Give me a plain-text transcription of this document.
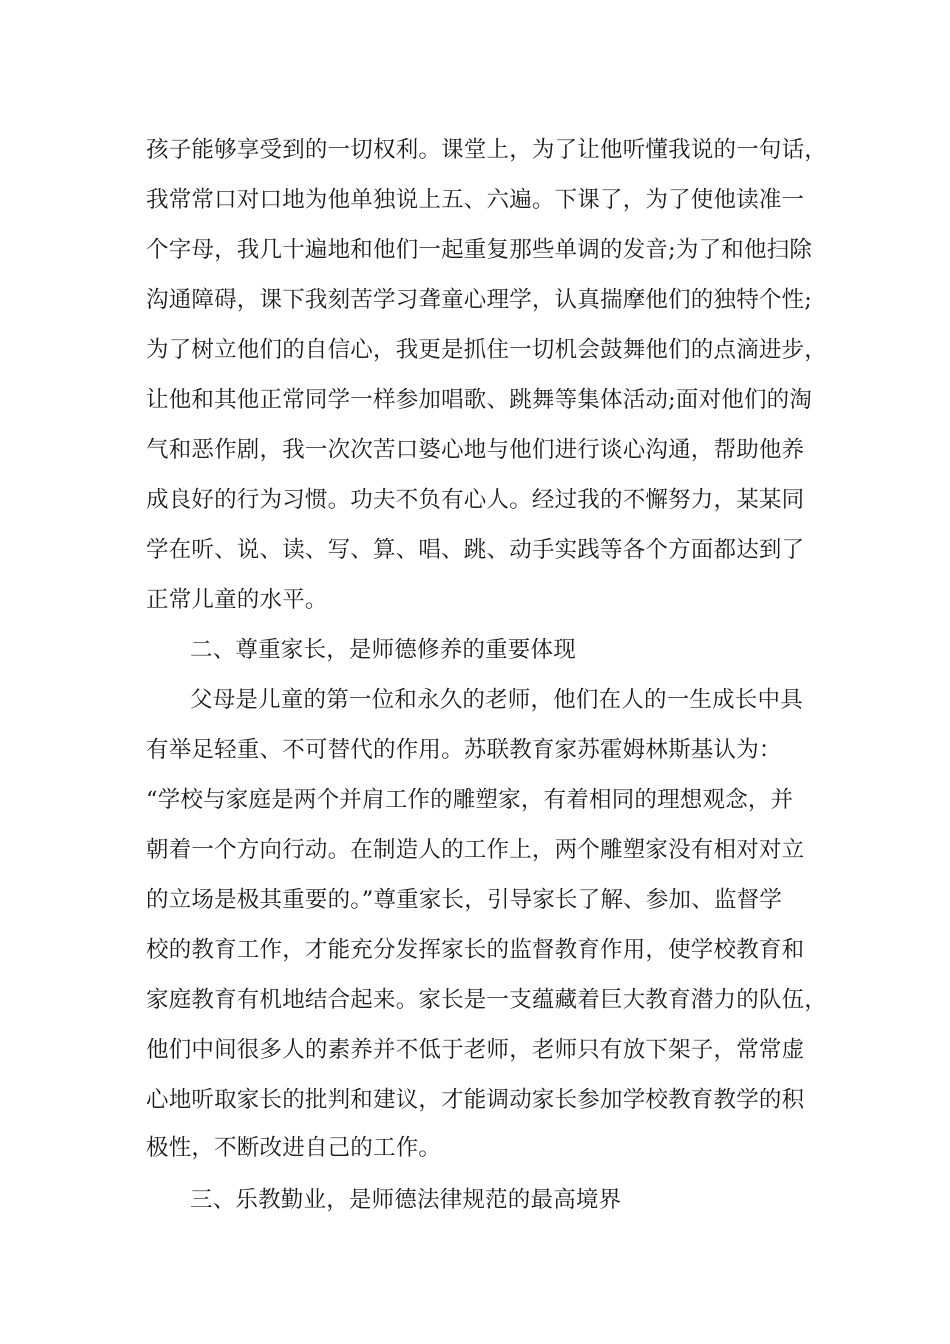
孩子能够享受到的一切权利。课堂上，为了让他听懂我说的一句话，
我常常口对口地为他单独说上五、六遍。下课了，为了使他读准一
个字母，我几十遍地和他们一起重复那些单调的发音;为了和他扫除
沟通障碍，课下我刻苦学习聋童心理学，认真揣摩他们的独特个性;
为了树立他们的自信心，我更是抓住一切机会鼓舞他们的点滴进步，
让他和其他正常同学一样参加唱歌、跳舞等集体活动;面对他们的淘
气和恶作剧，我一次次苦口婆心地与他们进行谈心沟通，帮助他养
成良好的行为习惯。功夫不负有心人。经过我的不懈努力，某某同
学在听、说、读、写、算、唱、跳、动手实践等各个方面都达到了
正常儿童的水平。
二、尊重家长，是师德修养的重要体现
父母是儿童的第一位和永久的老师，他们在人的一生成长中具
有举足轻重、不可替代的作用。苏联教育家苏霍姆林斯基认为：
“学校与家庭是两个并肩工作的雕塑家，有着相同的理想观念，并
朝着一个方向行动。在制造人的工作上，两个雕塑家没有相对对立
的立场是极其重要的。”尊重家长，引导家长了解、参加、监督学
校的教育工作，才能充分发挥家长的监督教育作用，使学校教育和
家庭教育有机地结合起来。家长是一支蕴藏着巨大教育潜力的队伍，
他们中间很多人的素养并不低于老师，老师只有放下架子，常常虚
心地听取家长的批判和建议，才能调动家长参加学校教育教学的积
极性，不断改进自己的工作。
三、乐教勤业，是师德法律规范的最高境界
